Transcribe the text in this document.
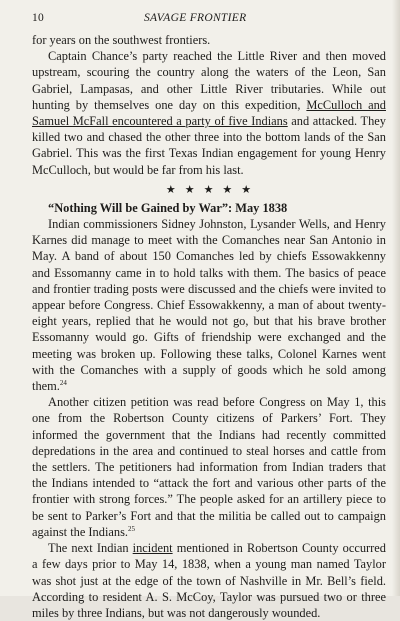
10	SAVAGE FRONTIER

for years on the southwest frontiers.

Captain Chance’s party reached the Little River and then moved upstream, scouring the country along the waters of the Leon, San Gabriel, Lampasas, and other Little River tributaries. While out hunting by themselves one day on this expedition, McCulloch and Samuel McFall encountered a party of five Indians and attacked. They killed two and chased the other three into the bottom lands of the San Gabriel. This was the first Texas Indian engagement for young Henry McCulloch, but would be far from his last.

★★★★★

“Nothing Will be Gained by War”: May 1838

Indian commissioners Sidney Johnston, Lysander Wells, and Henry Karnes did manage to meet with the Comanches near San Antonio in May. A band of about 150 Comanches led by chiefs Essowakkenny and Essomanny came in to hold talks with them. The basics of peace and frontier trading posts were discussed and the chiefs were invited to appear before Congress. Chief Essowakkenny, a man of about twenty-eight years, replied that he would not go, but that his brave brother Essomanny would go. Gifts of friendship were exchanged and the meeting was broken up. Following these talks, Colonel Karnes went with the Comanches with a supply of goods which he sold among them.$^{24}$

Another citizen petition was read before Congress on May 1, this one from the Robertson County citizens of Parkers’ Fort. They informed the government that the Indians had recently committed depredations in the area and continued to steal horses and cattle from the settlers. The petitioners had information from Indian traders that the Indians intended to “attack the fort and various other parts of the frontier with strong forces.” The people asked for an artillery piece to be sent to Parker’s Fort and that the militia be called out to campaign against the Indians.$^{25}$

The next Indian incident mentioned in Robertson County occurred a few days prior to May 14, 1838, when a young man named Taylor was shot just at the edge of the town of Nashville in Mr. Bell’s field. According to resident A. S. McCoy, Taylor was pursued two or three miles by three Indians, but was not dangerously wounded.
